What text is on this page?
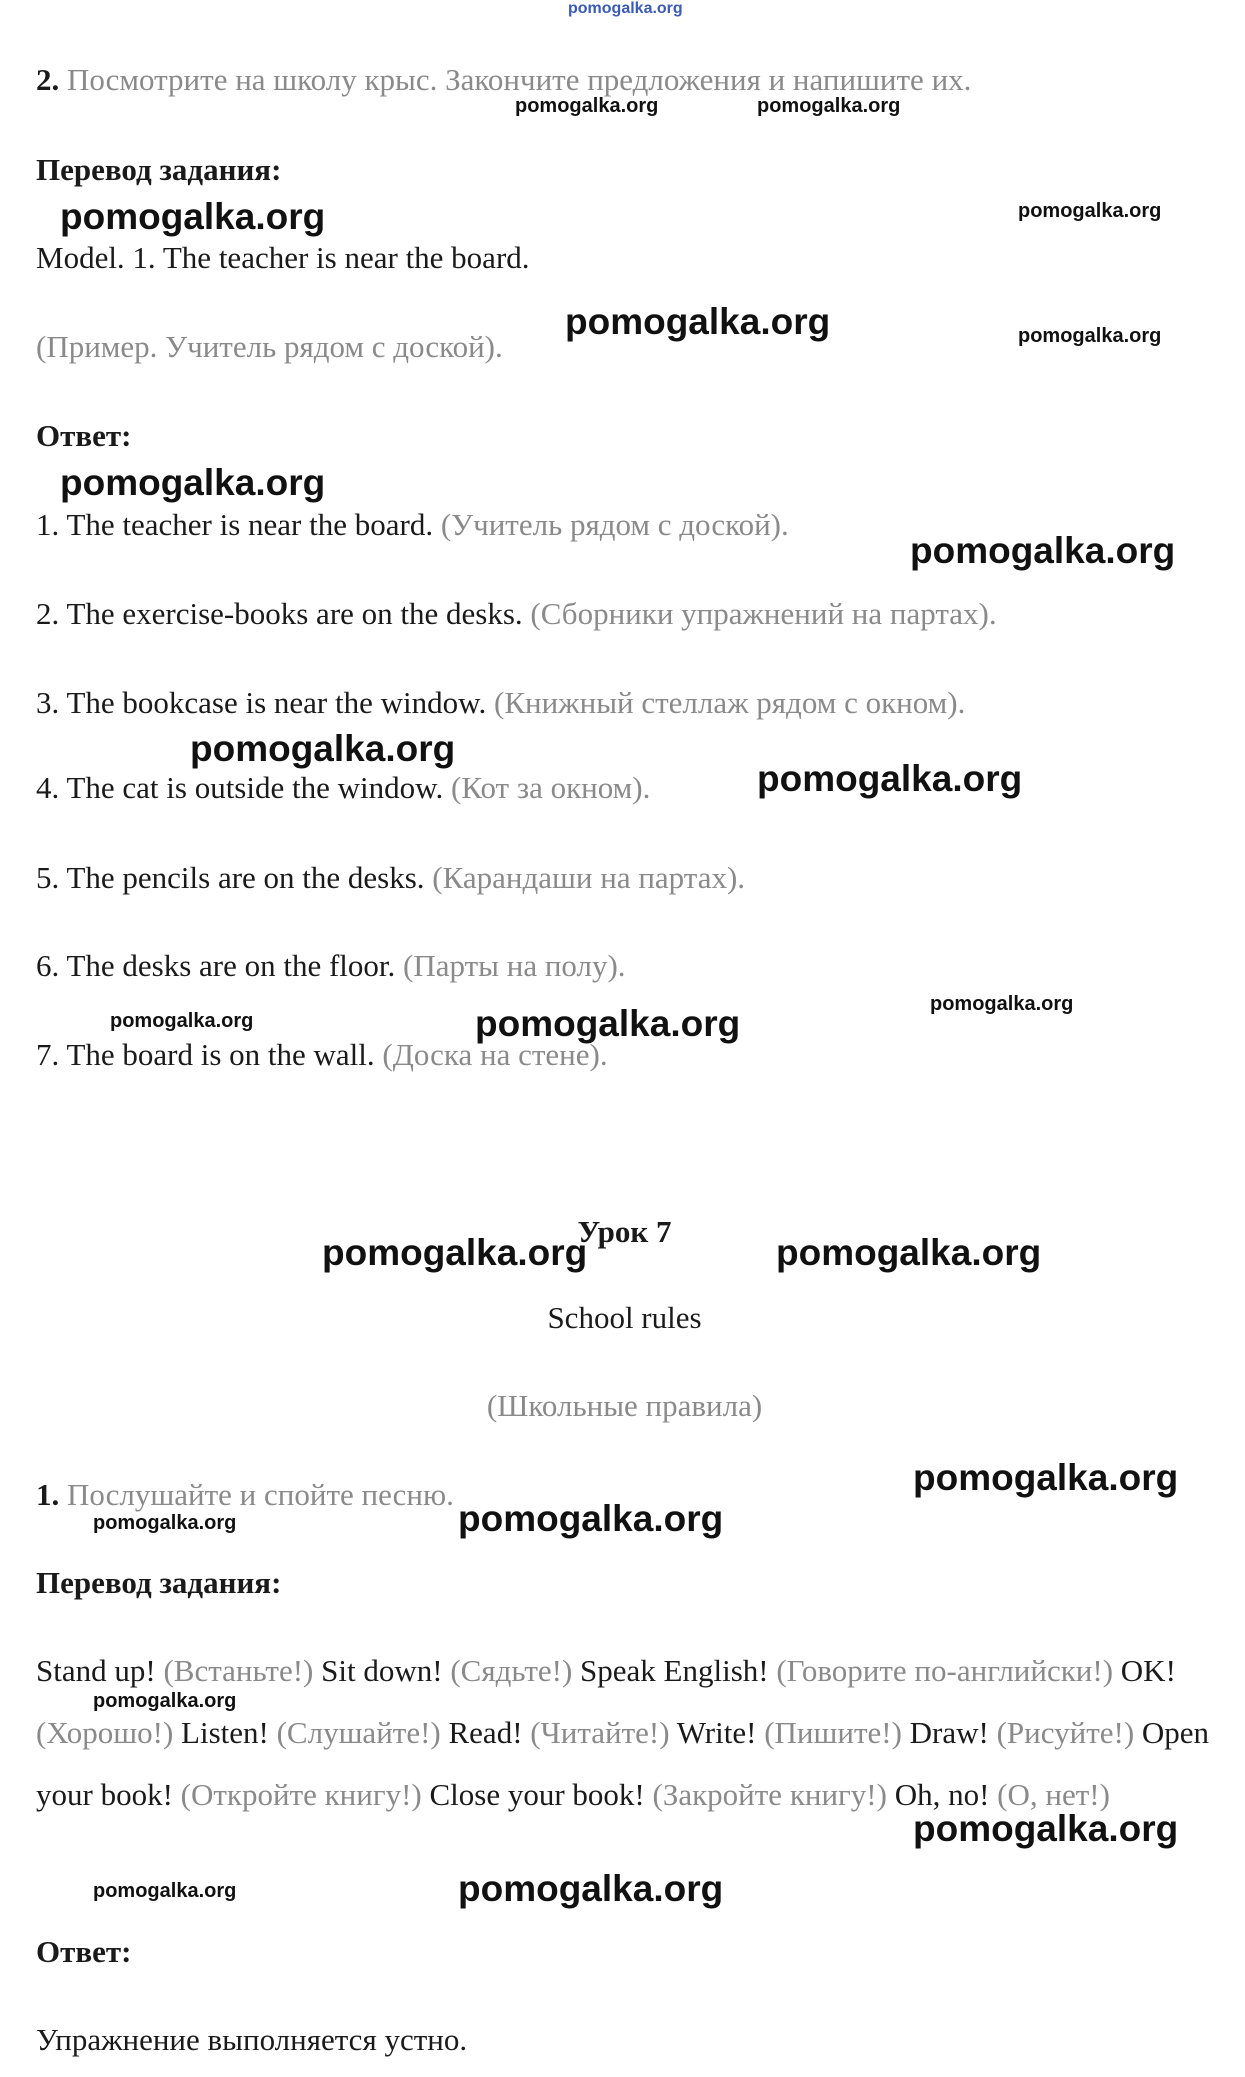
pomogalka.org
2. Посмотрите на школу крыс. Закончите предложения и напишите их.
pomogalka.org	pomogalka.org
Перевод задания:
pomogalka.org	pomogalka.org
Model. 1. The teacher is near the board.
(Пример. Учитель рядом с доской).
pomogalka.org	pomogalka.org
Ответ:
pomogalka.org
1. The teacher is near the board. (Учитель рядом с доской).
pomogalka.org
2. The exercise-books are on the desks. (Сборники упражнений на партах).
3. The bookcase is near the window. (Книжный стеллаж рядом с окном).
pomogalka.org
4. The cat is outside the window. (Кот за окном).	pomogalka.org
5. The pencils are on the desks. (Карандаши на партах).
6. The desks are on the floor. (Парты на полу).
pomogalka.org
pomogalka.org	pomogalka.org
7. The board is on the wall. (Доска на стене).
Урок 7
pomogalka.org	pomogalka.org
School rules
(Школьные правила)
1. Послушайте и спойте песню.	pomogalka.org
pomogalka.org	pomogalka.org
Перевод задания:
Stand up! (Встаньте!) Sit down! (Сядьте!) Speak English! (Говорите по-английски!) OK! (Хорошо!) Listen! (Слушайте!) Read! (Читайте!) Write! (Пишите!) Draw! (Рисуйте!) Open your book! (Откройте книгу!) Close your book! (Закройте книгу!) Oh, no! (О, нет!)
pomogalka.org
pomogalka.org
pomogalka.org	pomogalka.org
Ответ:
Упражнение выполняется устно.
